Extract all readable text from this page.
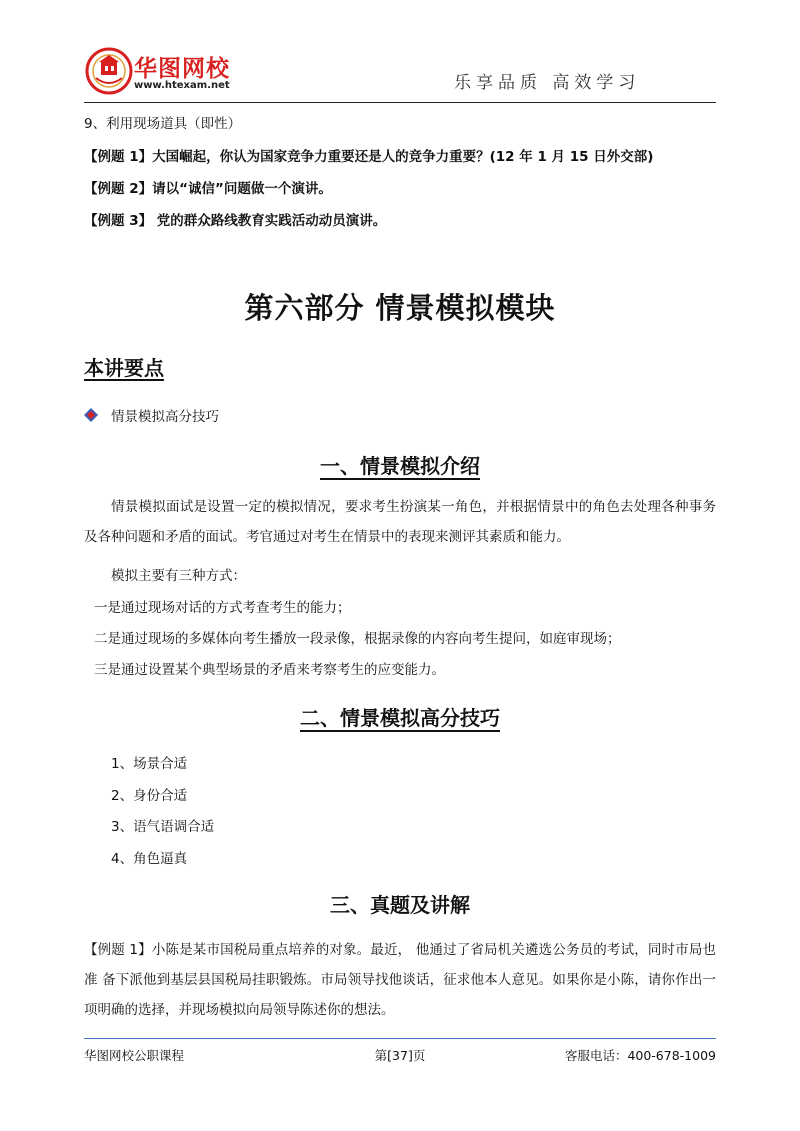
华图网校
www.htexam.net	乐享品质 高效学习
9、利用现场道具（即性）
【例题 1】大国崛起，你认为国家竞争力重要还是人的竞争力重要？(12 年 1 月 15 日外交部)
【例题 2】请以“诚信”问题做一个演讲。
【例题 3】 党的群众路线教育实践活动动员演讲。
第六部分 情景模拟模块
本讲要点
情景模拟高分技巧
一、情景模拟介绍
情景模拟面试是设置一定的模拟情况，要求考生扮演某一角色，并根据情景中的角色去处理各种事务及各种问题和矛盾的面试。考官通过对考生在情景中的表现来测评其素质和能力。
模拟主要有三种方式：
一是通过现场对话的方式考查考生的能力；
二是通过现场的多媒体向考生播放一段录像，根据录像的内容向考生提问，如庭审现场；
三是通过设置某个典型场景的矛盾来考察考生的应变能力。
二、情景模拟高分技巧
1、场景合适
2、身份合适
3、语气语调合适
4、角色逼真
三、真题及讲解
【例题 1】小陈是某市国税局重点培养的对象。最近， 他通过了省局机关遴选公务员的考试，同时市局也准 备下派他到基层县国税局挂职锻炼。市局领导找他谈话，征求他本人意见。如果你是小陈，请你作出一项明确的选择，并现场模拟向局领导陈述你的想法。
华图网校公职课程	第[37]页	客服电话：400-678-1009
